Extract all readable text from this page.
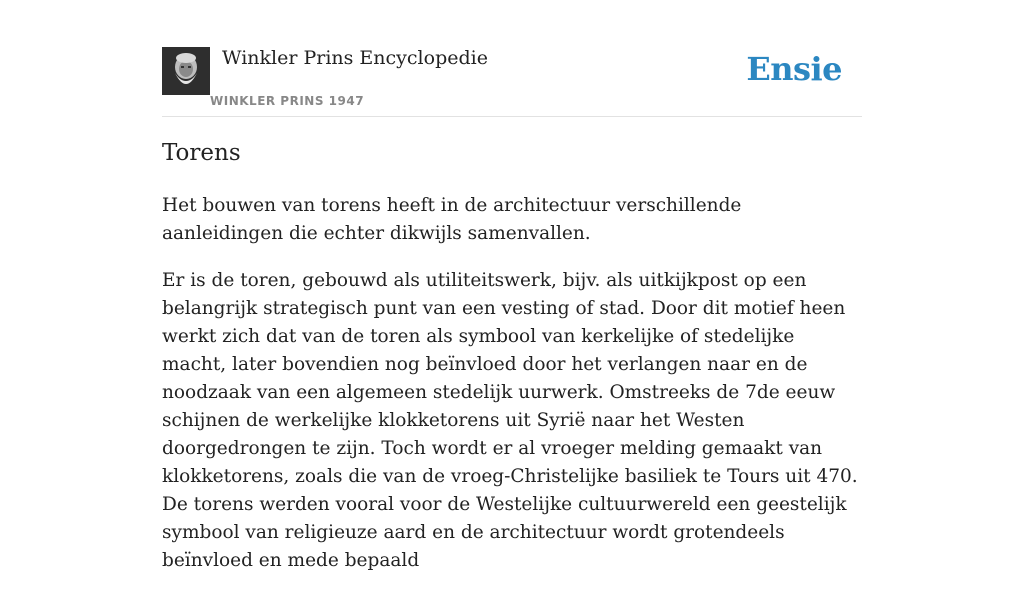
Winkler Prins Encyclopedie
WINKLER PRINS 1947
Ensie
Torens

Het bouwen van torens heeft in de architectuur verschillende aanleidingen die echter dikwijls samenvallen.

Er is de toren, gebouwd als utiliteitswerk, bijv. als uitkijkpost op een belangrijk strategisch punt van een vesting of stad. Door dit motief heen werkt zich dat van de toren als symbool van kerkelijke of stedelijke macht, later bovendien nog beïnvloed door het verlangen naar en de noodzaak van een algemeen stedelijk uurwerk. Omstreeks de 7de eeuw schijnen de werkelijke klokketorens uit Syrië naar het Westen doorgedrongen te zijn. Toch wordt er al vroeger melding gemaakt van klokketorens, zoals die van de vroeg-Christelijke basiliek te Tours uit 470. De torens werden vooral voor de Westelijke cultuurwereld een geestelijk symbool van religieuze aard en de architectuur wordt grotendeels beïnvloed en mede bepaald
